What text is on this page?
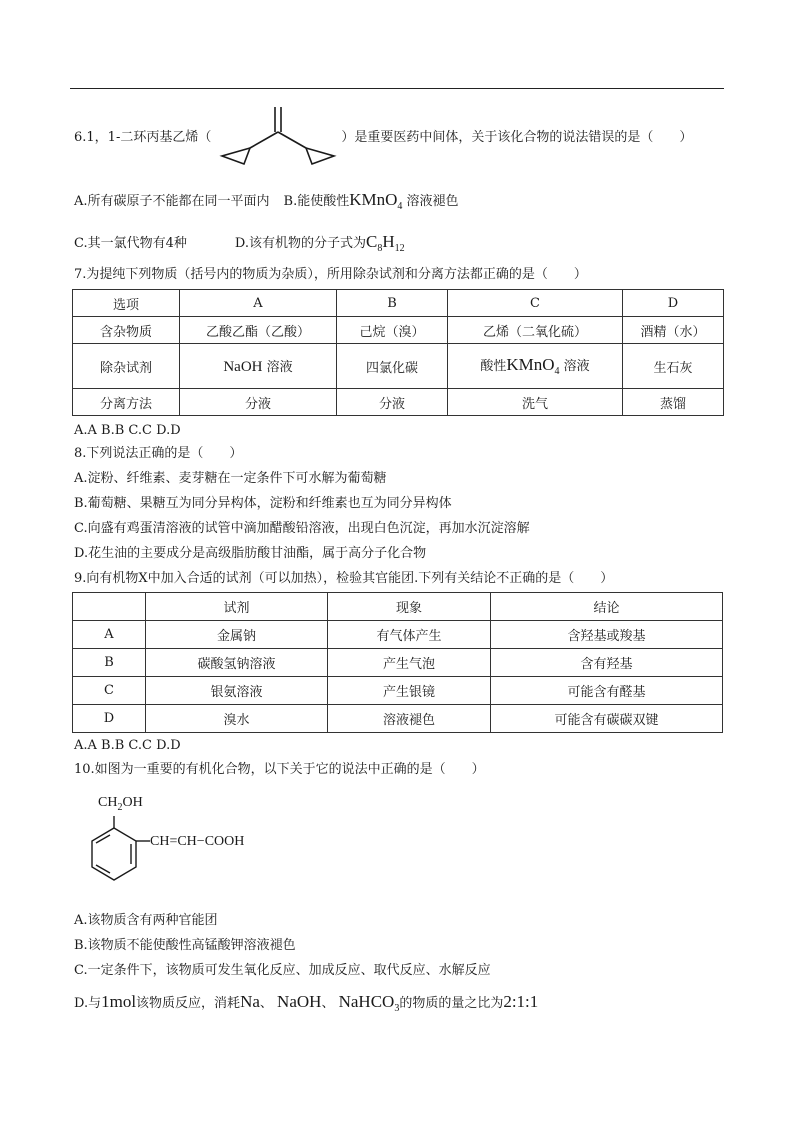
6.1，1-二环丙基乙烯（	）是重要医药中间体，关于该化合物的说法错误的是（　　）
A.所有碳原子不能都在同一平面内 B.能使酸性KMnO$_4$ 溶液褪色
C.其一氯代物有4种	D.该有机物的分子式为$C_8H_{12}$
7.为提纯下列物质（括号内的物质为杂质），所用除杂试剂和分离方法都正确的是（　　）
选项	A	B	C	D
含杂物质	乙酸乙酯（乙酸）	己烷（溴）	乙烯（二氧化硫）	酒精（水）
除杂试剂	NaOH 溶液	四氯化碳	酸性KMnO$_4$ 溶液	生石灰
分离方法	分液	分液	洗气	蒸馏
A.A B.B C.C D.D
8.下列说法正确的是（　　）
A.淀粉、纤维素、麦芽糖在一定条件下可水解为葡萄糖
B.葡萄糖、果糖互为同分异构体，淀粉和纤维素也互为同分异构体
C.向盛有鸡蛋清溶液的试管中滴加醋酸铅溶液，出现白色沉淀，再加水沉淀溶解
D.花生油的主要成分是高级脂肪酸甘油酯，属于高分子化合物
9.向有机物X中加入合适的试剂（可以加热），检验其官能团.下列有关结论不正确的是（　　）
	试剂	现象	结论
A	金属钠	有气体产生	含羟基或羧基
B	碳酸氢钠溶液	产生气泡	含有羟基
C	银氨溶液	产生银镜	可能含有醛基
D	溴水	溶液褪色	可能含有碳碳双键
A.A B.B C.C D.D
10.如图为一重要的有机化合物，以下关于它的说法中正确的是（　　）
$CH_2OH$
CH=CH−COOH
A.该物质含有两种官能团
B.该物质不能使酸性高锰酸钾溶液褪色
C.一定条件下，该物质可发生氧化反应、加成反应、取代反应、水解反应
D.与1mol该物质反应，消耗Na、 NaOH、 NaHCO$_3$的物质的量之比为2:1:1
